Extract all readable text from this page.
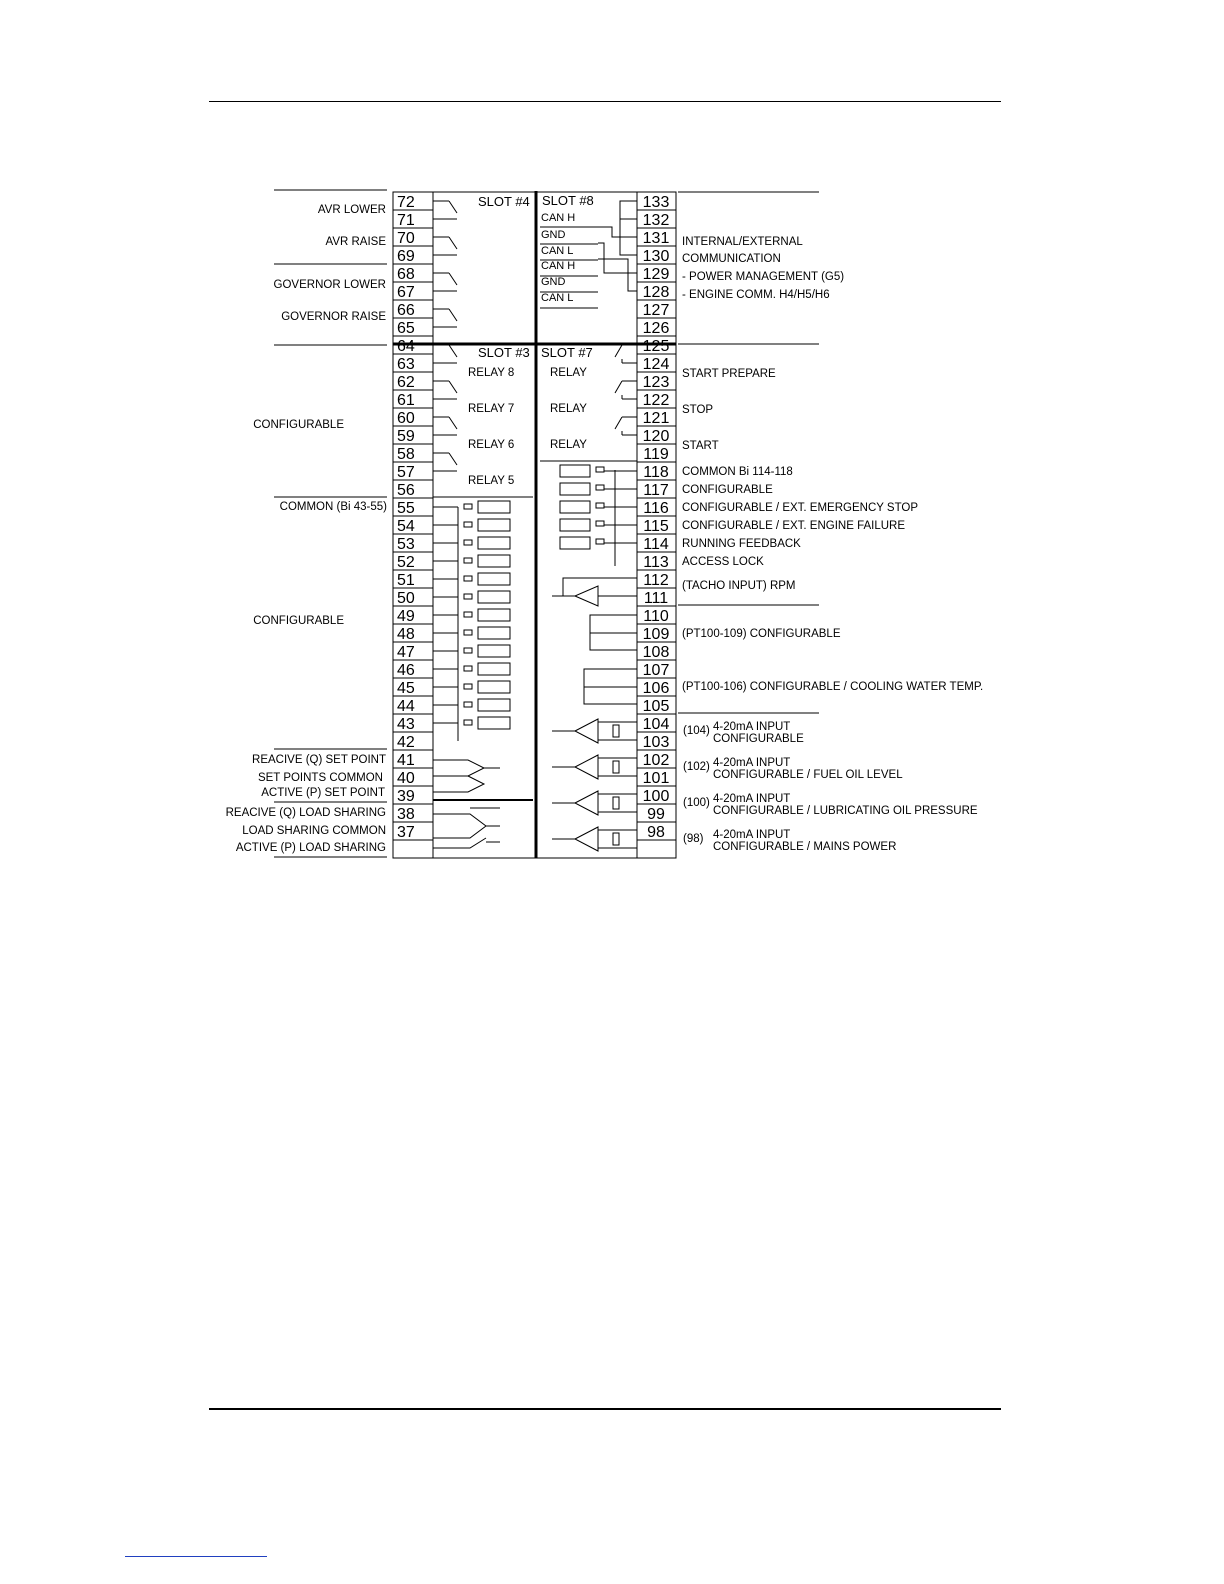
72
71
70
69
68
67
66
65
64
63
62
61
60
59
58
57
56
55
54
53
52
51
50
49
48
47
46
45
44
43
42
41
40
39
38
37
133
132
131
130
129
128
127
126
125
124
123
122
121
120
119
118
117
116
115
114
113
112
111
110
109
108
107
106
105
104
103
102
101
100
99
98
SLOT #4 SLOT #8
SLOT #3 SLOT #7
CAN H
GND
CAN L
CAN H
GND
CAN L
RELAY 8
RELAY 7
RELAY 6
RELAY 5
RELAY
RELAY
RELAY
AVR LOWER
AVR RAISE
GOVERNOR LOWER
GOVERNOR RAISE
CONFIGURABLE
COMMON (Bi 43-55)
CONFIGURABLE
REACIVE (Q) SET POINT
SET POINTS COMMON
ACTIVE (P) SET POINT
REACIVE (Q) LOAD SHARING
LOAD SHARING COMMON
ACTIVE (P) LOAD SHARING
INTERNAL/EXTERNAL
COMMUNICATION
- POWER MANAGEMENT (G5)
- ENGINE COMM. H4/H5/H6
START PREPARE
STOP
START
COMMON Bi 114-118
CONFIGURABLE
CONFIGURABLE / EXT. EMERGENCY STOP
CONFIGURABLE / EXT. ENGINE FAILURE
RUNNING FEEDBACK
ACCESS LOCK
(TACHO INPUT) RPM
(PT100-109) CONFIGURABLE
(PT100-106) CONFIGURABLE / COOLING WATER TEMP.
(104) 4-20mA INPUT
CONFIGURABLE
(102) 4-20mA INPUT
CONFIGURABLE / FUEL OIL LEVEL
(100) 4-20mA INPUT
CONFIGURABLE / LUBRICATING OIL PRESSURE
(98) 4-20mA INPUT
CONFIGURABLE / MAINS POWER
